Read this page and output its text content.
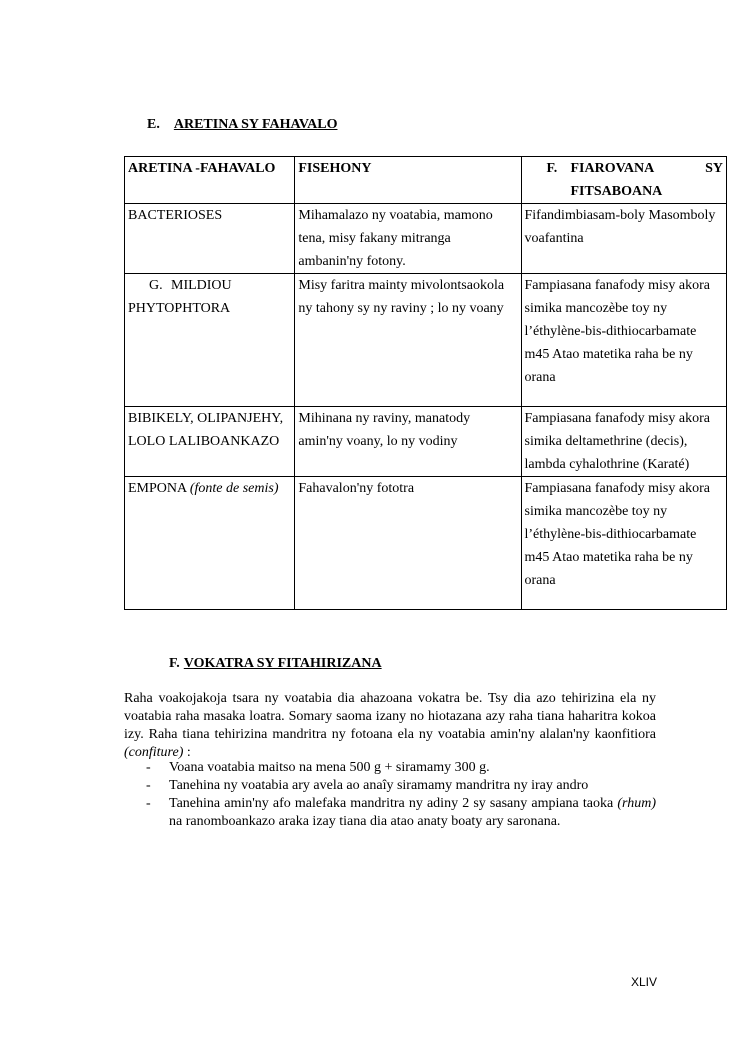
E. ARETINA SY FAHAVALO
ARETINA -FAHAVALO	FISEHONY	F. FIAROVANA SY
FITSABOANA

BACTERIOSES	Mihamalazo ny voatabia, mamono tena, misy fakany mitranga ambanin'ny fotony.	Fifandimbiasam-boly Masomboly voafantina
G. MILDIOU PHYTOPHTORA	Misy faritra mainty mivolontsaokola ny tahony sy ny raviny ; lo ny voany	Fampiasana fanafody misy akora simika mancozèbe toy ny l’éthylène-bis-dithiocarbamate m45 Atao matetika raha be ny orana
BIBIKELY, OLIPANJEHY, LOLO LALIBOANKAZO	Mihinana ny raviny, manatody amin'ny voany, lo ny vodiny	Fampiasana fanafody misy akora simika deltamethrine (decis), lambda cyhalothrine (Karaté)
EMPONA (fonte de semis)	Fahavalon'ny fototra	Fampiasana fanafody misy akora simika mancozèbe toy ny l’éthylène-bis-dithiocarbamate m45 Atao matetika raha be ny orana
F. VOKATRA SY FITAHIRIZANA

Raha voakojakoja tsara ny voatabia dia ahazoana vokatra be. Tsy dia azo tehirizina ela ny voatabia raha masaka loatra. Somary saoma izany no hiotazana azy raha tiana haharitra kokoa izy. Raha tiana tehirizina mandritra ny fotoana ela ny voatabia amin'ny alalan'ny kaonfitiora (confiture) :

- Voana voatabia maitso na mena 500 g + siramamy 300 g.
- Tanehina ny voatabia ary avela ao anaîy siramamy mandritra ny iray andro
- Tanehina amin'ny afo malefaka mandritra ny adiny 2 sy sasany ampiana taoka (rhum) na ranomboankazo araka izay tiana dia atao anaty boaty ary saronana.
XLIV
